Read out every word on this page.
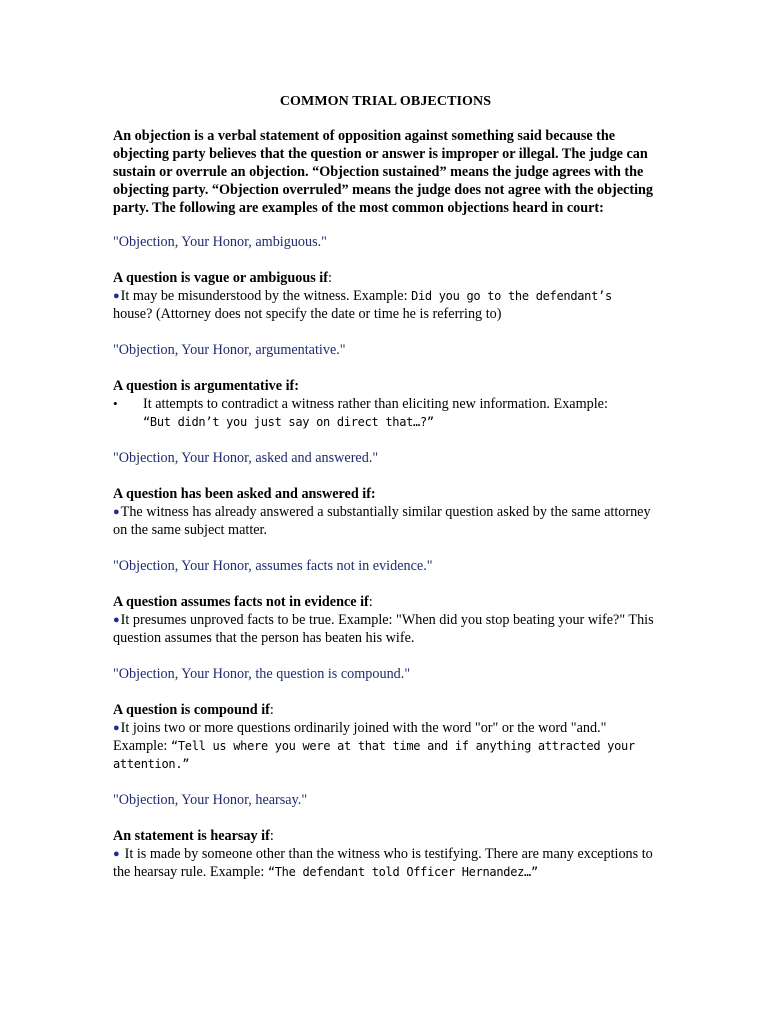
COMMON TRIAL OBJECTIONS

An objection is a verbal statement of opposition against something said because the objecting party believes that the question or answer is improper or illegal. The judge can sustain or overrule an objection. “Objection sustained” means the judge agrees with the objecting party. “Objection overruled” means the judge does not agree with the objecting party. The following are examples of the most common objections heard in court:

"Objection, Your Honor, ambiguous."

A question is vague or ambiguous if:

●It may be misunderstood by the witness. Example: Did you go to the defendant’s
house? (Attorney does not specify the date or time he is referring to)

"Objection, Your Honor, argumentative."

A question is argumentative if:

•	It attempts to contradict a witness rather than eliciting new information. Example:
“But didn’t you just say on direct that…?”

"Objection, Your Honor, asked and answered."

A question has been asked and answered if:

●The witness has already answered a substantially similar question asked by the same attorney on the same subject matter.

"Objection, Your Honor, assumes facts not in evidence."

A question assumes facts not in evidence if:

●It presumes unproved facts to be true. Example: "When did you stop beating your wife?" This question assumes that the person has beaten his wife.

"Objection, Your Honor, the question is compound."

A question is compound if:

●It joins two or more questions ordinarily joined with the word "or" or the word "and." Example: “Tell us where you were at that time and if anything attracted your attention.”

"Objection, Your Honor, hearsay."

An statement is hearsay if:

● It is made by someone other than the witness who is testifying. There are many exceptions to the hearsay rule. Example: “The defendant told Officer Hernandez…”
